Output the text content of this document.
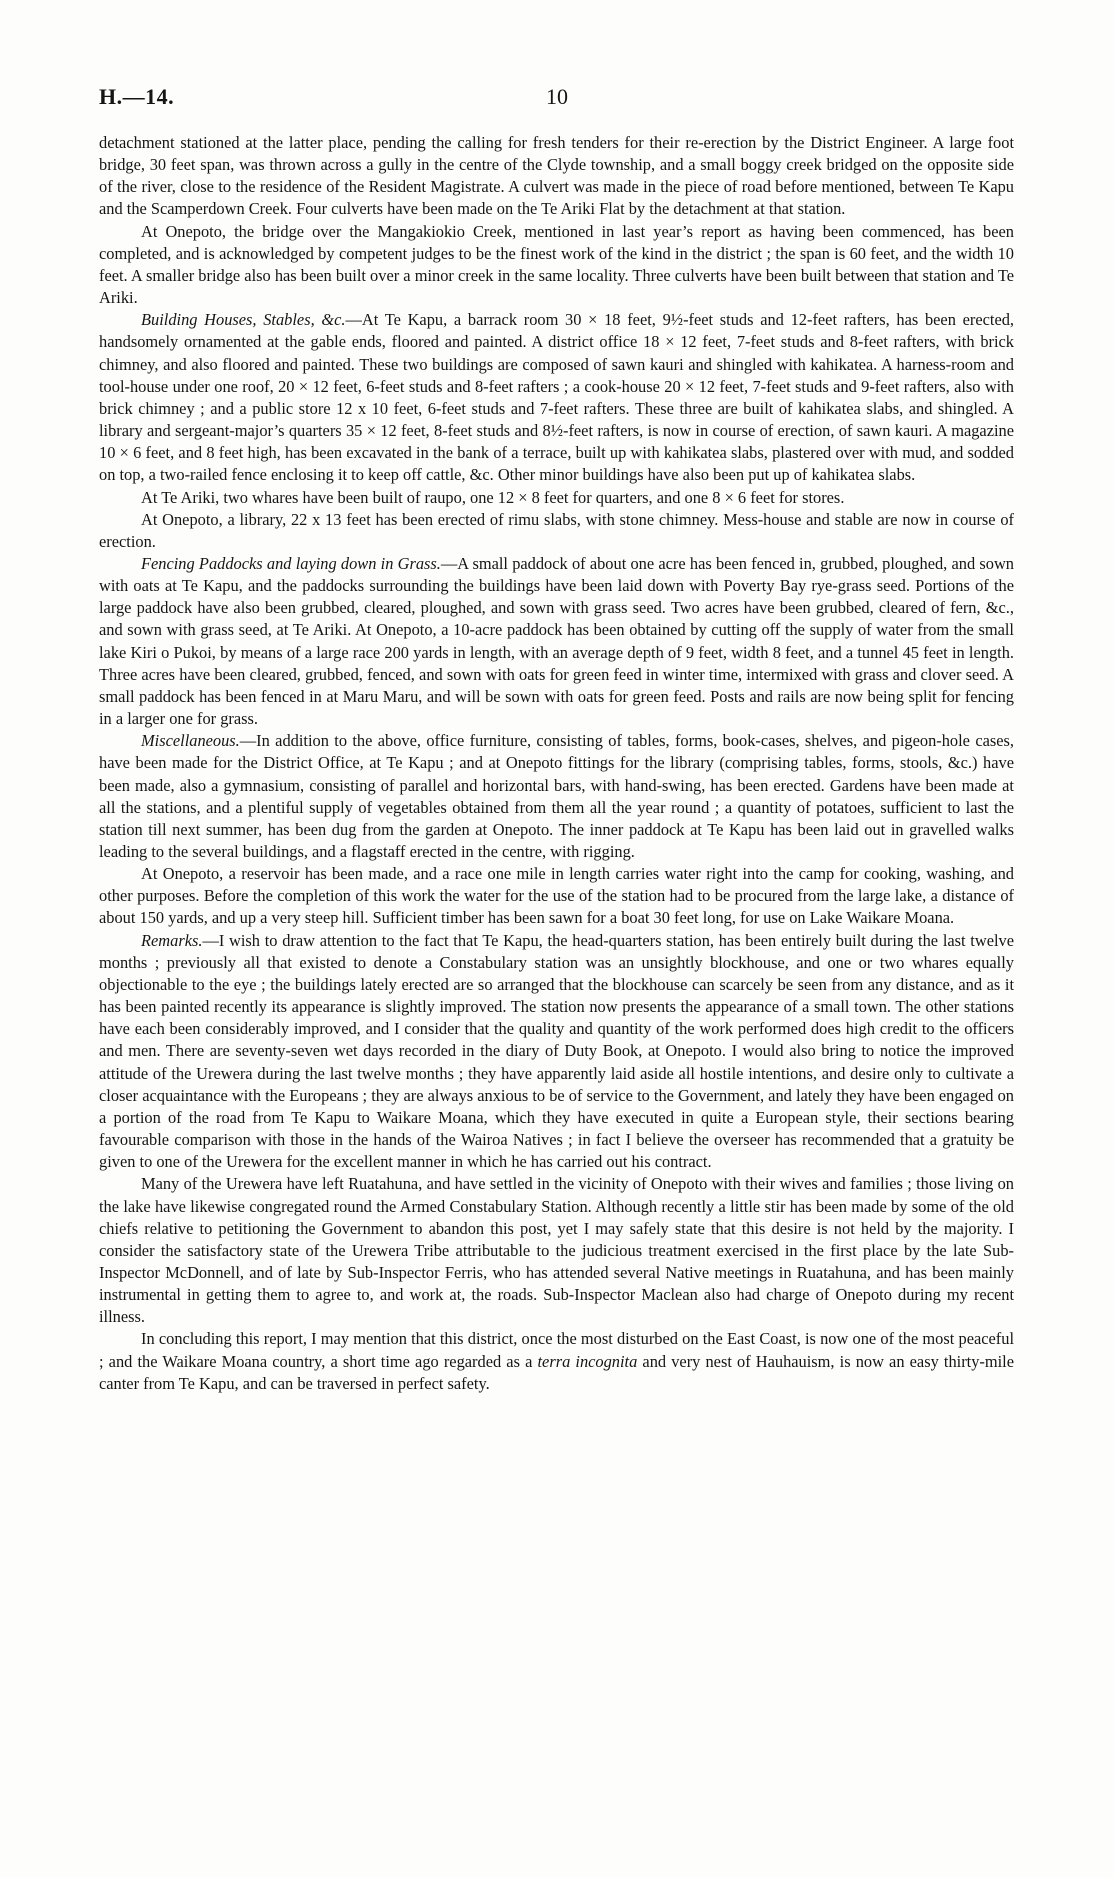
H.—14.	10

detachment stationed at the latter place, pending the calling for fresh tenders for their re-erection by the District Engineer. A large foot bridge, 30 feet span, was thrown across a gully in the centre of the Clyde township, and a small boggy creek bridged on the opposite side of the river, close to the residence of the Resident Magistrate. A culvert was made in the piece of road before mentioned, between Te Kapu and the Scamperdown Creek. Four culverts have been made on the Te Ariki Flat by the detachment at that station.

At Onepoto, the bridge over the Mangakiokio Creek, mentioned in last year’s report as having been commenced, has been completed, and is acknowledged by competent judges to be the finest work of the kind in the district ; the span is 60 feet, and the width 10 feet. A smaller bridge also has been built over a minor creek in the same locality. Three culverts have been built between that station and Te Ariki.

Building Houses, Stables, &c.—At Te Kapu, a barrack room 30 × 18 feet, 9½-feet studs and 12-feet rafters, has been erected, handsomely ornamented at the gable ends, floored and painted. A district office 18 × 12 feet, 7-feet studs and 8-feet rafters, with brick chimney, and also floored and painted. These two buildings are composed of sawn kauri and shingled with kahikatea. A harness-room and tool-house under one roof, 20 × 12 feet, 6-feet studs and 8-feet rafters ; a cook-house 20 × 12 feet, 7-feet studs and 9-feet rafters, also with brick chimney ; and a public store 12 x 10 feet, 6-feet studs and 7-feet rafters. These three are built of kahikatea slabs, and shingled. A library and sergeant-major’s quarters 35 × 12 feet, 8-feet studs and 8½-feet rafters, is now in course of erection, of sawn kauri. A magazine 10 × 6 feet, and 8 feet high, has been excavated in the bank of a terrace, built up with kahikatea slabs, plastered over with mud, and sodded on top, a two-railed fence enclosing it to keep off cattle, &c. Other minor buildings have also been put up of kahikatea slabs.

At Te Ariki, two whares have been built of raupo, one 12 × 8 feet for quarters, and one 8 × 6 feet for stores.

At Onepoto, a library, 22 x 13 feet has been erected of rimu slabs, with stone chimney. Mess-house and stable are now in course of erection.

Fencing Paddocks and laying down in Grass.—A small paddock of about one acre has been fenced in, grubbed, ploughed, and sown with oats at Te Kapu, and the paddocks surrounding the buildings have been laid down with Poverty Bay rye-grass seed. Portions of the large paddock have also been grubbed, cleared, ploughed, and sown with grass seed. Two acres have been grubbed, cleared of fern, &c., and sown with grass seed, at Te Ariki. At Onepoto, a 10-acre paddock has been obtained by cutting off the supply of water from the small lake Kiri o Pukoi, by means of a large race 200 yards in length, with an average depth of 9 feet, width 8 feet, and a tunnel 45 feet in length. Three acres have been cleared, grubbed, fenced, and sown with oats for green feed in winter time, intermixed with grass and clover seed. A small paddock has been fenced in at Maru Maru, and will be sown with oats for green feed. Posts and rails are now being split for fencing in a larger one for grass.

Miscellaneous.—In addition to the above, office furniture, consisting of tables, forms, book-cases, shelves, and pigeon-hole cases, have been made for the District Office, at Te Kapu ; and at Onepoto fittings for the library (comprising tables, forms, stools, &c.) have been made, also a gymnasium, consisting of parallel and horizontal bars, with hand-swing, has been erected. Gardens have been made at all the stations, and a plentiful supply of vegetables obtained from them all the year round ; a quantity of potatoes, sufficient to last the station till next summer, has been dug from the garden at Onepoto. The inner paddock at Te Kapu has been laid out in gravelled walks leading to the several buildings, and a flagstaff erected in the centre, with rigging.

At Onepoto, a reservoir has been made, and a race one mile in length carries water right into the camp for cooking, washing, and other purposes. Before the completion of this work the water for the use of the station had to be procured from the large lake, a distance of about 150 yards, and up a very steep hill. Sufficient timber has been sawn for a boat 30 feet long, for use on Lake Waikare Moana.

Remarks.—I wish to draw attention to the fact that Te Kapu, the head-quarters station, has been entirely built during the last twelve months ; previously all that existed to denote a Constabulary station was an unsightly blockhouse, and one or two whares equally objectionable to the eye ; the buildings lately erected are so arranged that the blockhouse can scarcely be seen from any distance, and as it has been painted recently its appearance is slightly improved. The station now presents the appearance of a small town. The other stations have each been considerably improved, and I consider that the quality and quantity of the work performed does high credit to the officers and men. There are seventy-seven wet days recorded in the diary of Duty Book, at Onepoto. I would also bring to notice the improved attitude of the Urewera during the last twelve months ; they have apparently laid aside all hostile intentions, and desire only to cultivate a closer acquaintance with the Europeans ; they are always anxious to be of service to the Government, and lately they have been engaged on a portion of the road from Te Kapu to Waikare Moana, which they have executed in quite a European style, their sections bearing favourable comparison with those in the hands of the Wairoa Natives ; in fact I believe the overseer has recommended that a gratuity be given to one of the Urewera for the excellent manner in which he has carried out his contract.

Many of the Urewera have left Ruatahuna, and have settled in the vicinity of Onepoto with their wives and families ; those living on the lake have likewise congregated round the Armed Constabulary Station. Although recently a little stir has been made by some of the old chiefs relative to petitioning the Government to abandon this post, yet I may safely state that this desire is not held by the majority. I consider the satisfactory state of the Urewera Tribe attributable to the judicious treatment exercised in the first place by the late Sub-Inspector McDonnell, and of late by Sub-Inspector Ferris, who has attended several Native meetings in Ruatahuna, and has been mainly instrumental in getting them to agree to, and work at, the roads. Sub-Inspector Maclean also had charge of Onepoto during my recent illness.

In concluding this report, I may mention that this district, once the most disturbed on the East Coast, is now one of the most peaceful ; and the Waikare Moana country, a short time ago regarded as a terra incognita and very nest of Hauhauism, is now an easy thirty-mile canter from Te Kapu, and can be traversed in perfect safety.
